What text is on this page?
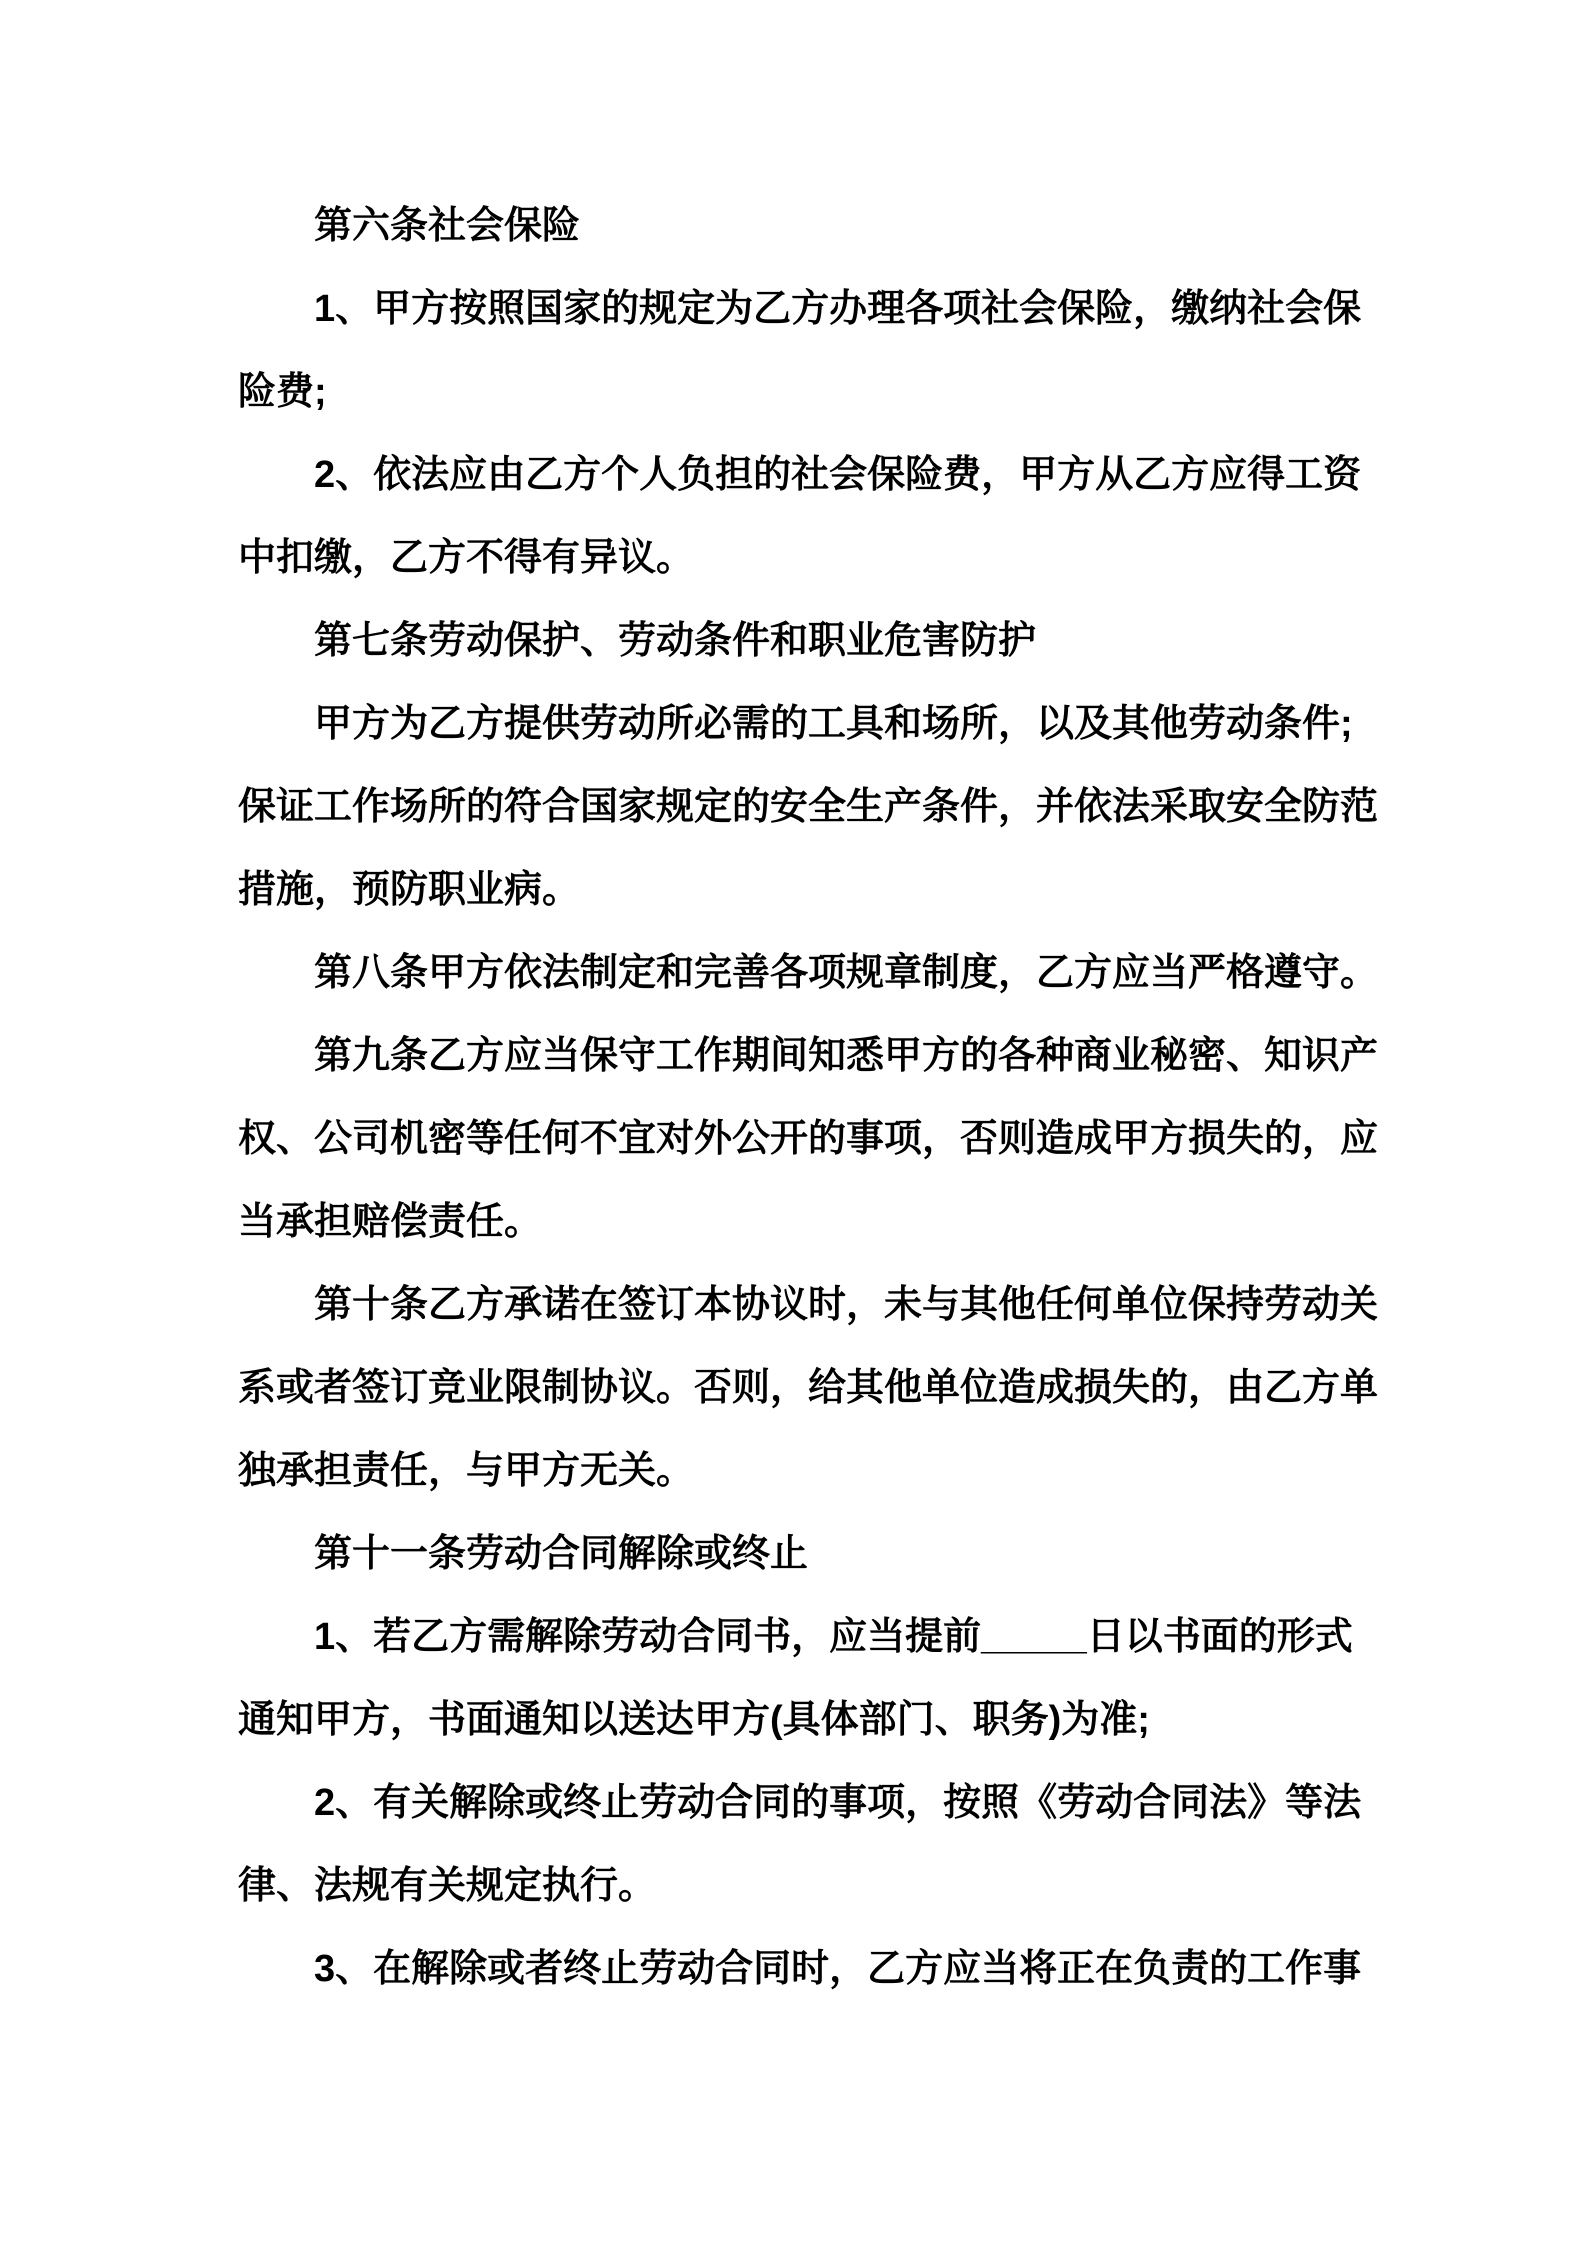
第六条社会保险
1、甲方按照国家的规定为乙方办理各项社会保险，缴纳社会保
险费;
2、依法应由乙方个人负担的社会保险费，甲方从乙方应得工资
中扣缴，乙方不得有异议。
第七条劳动保护、劳动条件和职业危害防护
甲方为乙方提供劳动所必需的工具和场所，以及其他劳动条件;
保证工作场所的符合国家规定的安全生产条件，并依法采取安全防范
措施，预防职业病。
第八条甲方依法制定和完善各项规章制度，乙方应当严格遵守。
第九条乙方应当保守工作期间知悉甲方的各种商业秘密、知识产
权、公司机密等任何不宜对外公开的事项，否则造成甲方损失的，应
当承担赔偿责任。
第十条乙方承诺在签订本协议时，未与其他任何单位保持劳动关
系或者签订竞业限制协议。否则，给其他单位造成损失的，由乙方单
独承担责任，与甲方无关。
第十一条劳动合同解除或终止
1、若乙方需解除劳动合同书，应当提前_____日以书面的形式
通知甲方，书面通知以送达甲方(具体部门、职务)为准;
2、有关解除或终止劳动合同的事项，按照《劳动合同法》等法
律、法规有关规定执行。
3、在解除或者终止劳动合同时，乙方应当将正在负责的工作事
